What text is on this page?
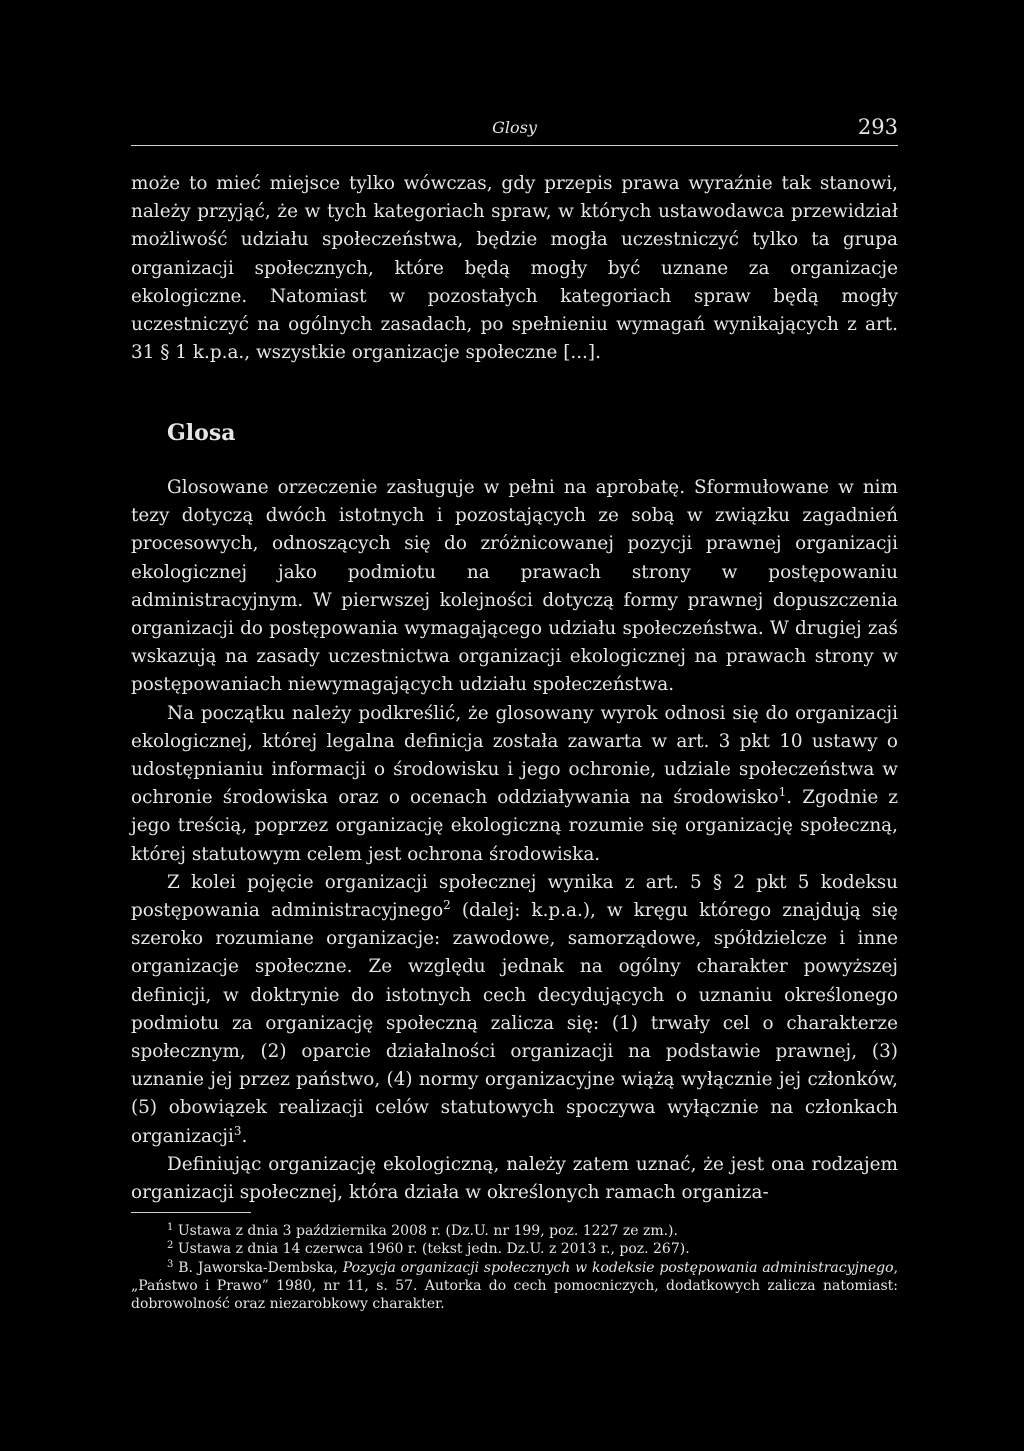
Glosy	293

może to mieć miejsce tylko wówczas, gdy przepis prawa wyraźnie tak stanowi, należy przyjąć, że w tych kategoriach spraw, w których ustawodawca przewidział możliwość udziału społeczeństwa, będzie mogła uczestniczyć tylko ta grupa organizacji społecznych, które będą mogły być uznane za organizacje ekologiczne. Natomiast w pozostałych kategoriach spraw będą mogły uczestniczyć na ogólnych zasadach, po spełnieniu wymagań wynikających z art. 31 § 1 k.p.a., wszystkie organizacje społeczne [...].

Glosa

Glosowane orzeczenie zasługuje w pełni na aprobatę. Sformułowane w nim tezy dotyczą dwóch istotnych i pozostających ze sobą w związku zagadnień procesowych, odnoszących się do zróżnicowanej pozycji prawnej organizacji ekologicznej jako podmiotu na prawach strony w postępowaniu administracyjnym. W pierwszej kolejności dotyczą formy prawnej dopuszczenia organizacji do postępowania wymagającego udziału społeczeństwa. W drugiej zaś wskazują na zasady uczestnictwa organizacji ekologicznej na prawach strony w postępowaniach niewymagających udziału społeczeństwa.

Na początku należy podkreślić, że glosowany wyrok odnosi się do organizacji ekologicznej, której legalna definicja została zawarta w art. 3 pkt 10 ustawy o udostępnianiu informacji o środowisku i jego ochronie, udziale społeczeństwa w ochronie środowiska oraz o ocenach oddziaływania na środowisko$^1$. Zgodnie z jego treścią, poprzez organizację ekologiczną rozumie się organizację społeczną, której statutowym celem jest ochrona środowiska.

Z kolei pojęcie organizacji społecznej wynika z art. 5 § 2 pkt 5 kodeksu postępowania administracyjnego$^2$ (dalej: k.p.a.), w kręgu którego znajdują się szeroko rozumiane organizacje: zawodowe, samorządowe, spółdzielcze i inne organizacje społeczne. Ze względu jednak na ogólny charakter powyższej definicji, w doktrynie do istotnych cech decydujących o uznaniu określonego podmiotu za organizację społeczną zalicza się: (1) trwały cel o charakterze społecznym, (2) oparcie działalności organizacji na podstawie prawnej, (3) uznanie jej przez państwo, (4) normy organizacyjne wiążą wyłącznie jej członków, (5) obowiązek realizacji celów statutowych spoczywa wyłącznie na członkach organizacji$^3$.

Definiując organizację ekologiczną, należy zatem uznać, że jest ona rodzajem organizacji społecznej, która działa w określonych ramach organiza-

$^1$ Ustawa z dnia 3 października 2008 r. (Dz.U. nr 199, poz. 1227 ze zm.).

$^2$ Ustawa z dnia 14 czerwca 1960 r. (tekst jedn. Dz.U. z 2013 r., poz. 267).

$^3$ B. Jaworska-Dembska, Pozycja organizacji społecznych w kodeksie postępowania administracyjnego, „Państwo i Prawo” 1980, nr 11, s. 57. Autorka do cech pomocniczych, dodatkowych zalicza natomiast: dobrowolność oraz niezarobkowy charakter.
